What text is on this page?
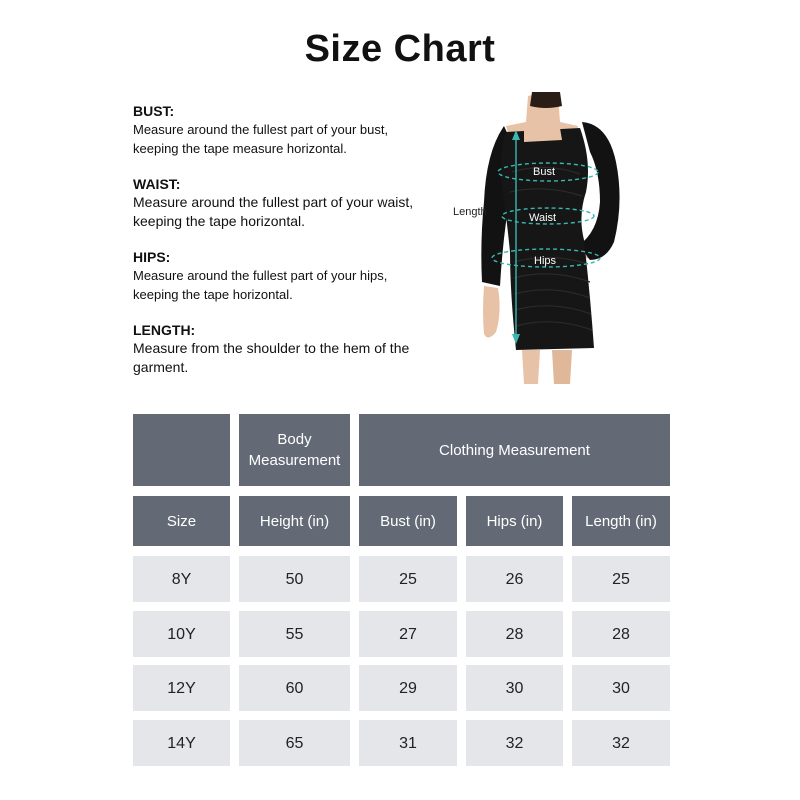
Size Chart
BUST:
Measure around the fullest part of your bust, keeping the tape measure horizontal.
WAIST:
Measure around the fullest part of your waist, keeping the tape horizontal.
HIPS:
Measure around the fullest part of your hips, keeping the tape horizontal.
LENGTH:
Measure from the shoulder to the hem of the garment.
Length
Bust
Waist
Hips
Body Measurement
Clothing Measurement
Size	Height (in)	Bust (in)	Hips (in)	Length (in)
8Y	50	25	26	25
10Y	55	27	28	28
12Y	60	29	30	30
14Y	65	31	32	32
